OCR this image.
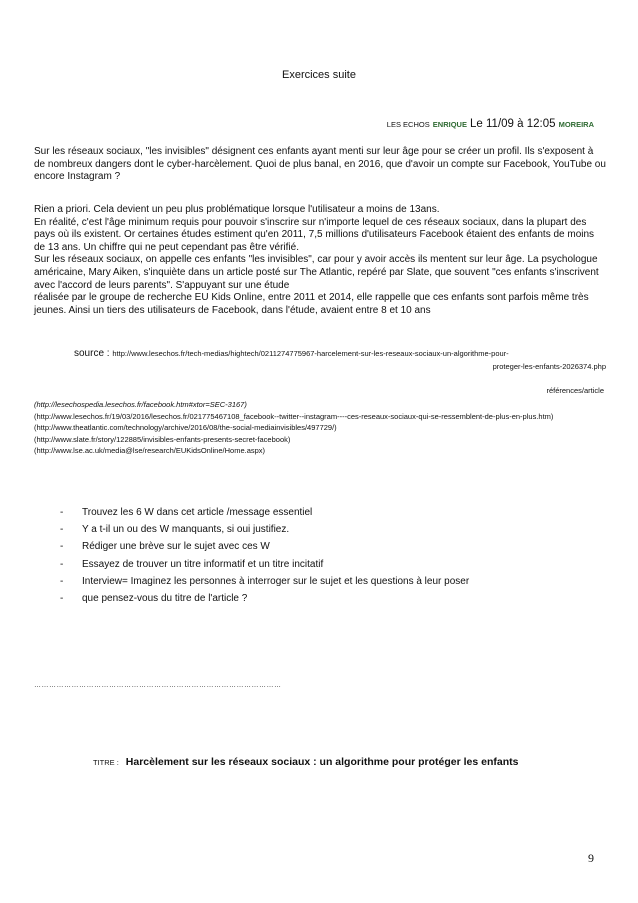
Exercices suite
LES ECHOS ENRIQUE Le 11/09 à 12:05 MOREIRA

Sur les réseaux sociaux, "les invisibles" désignent ces enfants ayant menti sur leur âge pour se créer un profil. Ils s'exposent à de nombreux dangers dont le cyber-harcèlement. Quoi de plus banal, en 2016, que d'avoir un compte sur Facebook, YouTube ou encore Instagram ?

Rien a priori. Cela devient un peu plus problématique lorsque l'utilisateur a moins de 13ans.

En réalité, c'est l'âge minimum requis pour pouvoir s'inscrire sur n'importe lequel de ces réseaux sociaux, dans la plupart des pays où ils existent. Or certaines études estiment qu'en 2011, 7,5 millions d'utilisateurs Facebook étaient des enfants de moins de 13 ans. Un chiffre qui ne peut cependant pas être vérifié.

Sur les réseaux sociaux, on appelle ces enfants "les invisibles", car pour y avoir accès ils mentent sur leur âge. La psychologue américaine, Mary Aiken, s'inquiète dans un article posté sur The Atlantic, repéré par Slate, que souvent "ces enfants s'inscrivent avec l'accord de leurs parents". S'appuyant sur une étude

réalisée par le groupe de recherche EU Kids Online, entre 2011 et 2014, elle rappelle que ces enfants sont parfois même très jeunes. Ainsi un tiers des utilisateurs de Facebook, dans l'étude, avaient entre 8 et 10 ans

source : http://www.lesechos.fr/tech-medias/hightech/0211274775967-harcelement-sur-les-reseaux-sociaux-un-algorithme-pour-
proteger-les-enfants-2026374.php
références/article
(http://lesechospedia.lesechos.fr/facebook.htm#xtor=SEC-3167)
(http://www.lesechos.fr/19/03/2016/lesechos.fr/021775467108_facebook--twitter--instagram----ces-reseaux-sociaux-qui-se-ressemblent-de-plus-en-plus.htm)
(http://www.theatlantic.com/technology/archive/2016/08/the-social-mediainvisibles/497729/)
(http://www.slate.fr/story/122885/invisibles-enfants-presents-secret-facebook)
(http://www.lse.ac.uk/media@lse/research/EUKidsOnline/Home.aspx)
- Trouvez les 6 W dans cet article /message essentiel
- Y a t-il un ou des W manquants, si oui justifiez.
- Rédiger une brève sur le sujet avec ces W
- Essayez de trouver un titre informatif et un titre incitatif
- Interview= Imaginez les personnes à interroger sur le sujet et les questions à leur poser
- que pensez-vous du titre de l'article ?
………………………………………………………………………………………
TITRE : Harcèlement sur les réseaux sociaux : un algorithme pour protéger les enfants
9
